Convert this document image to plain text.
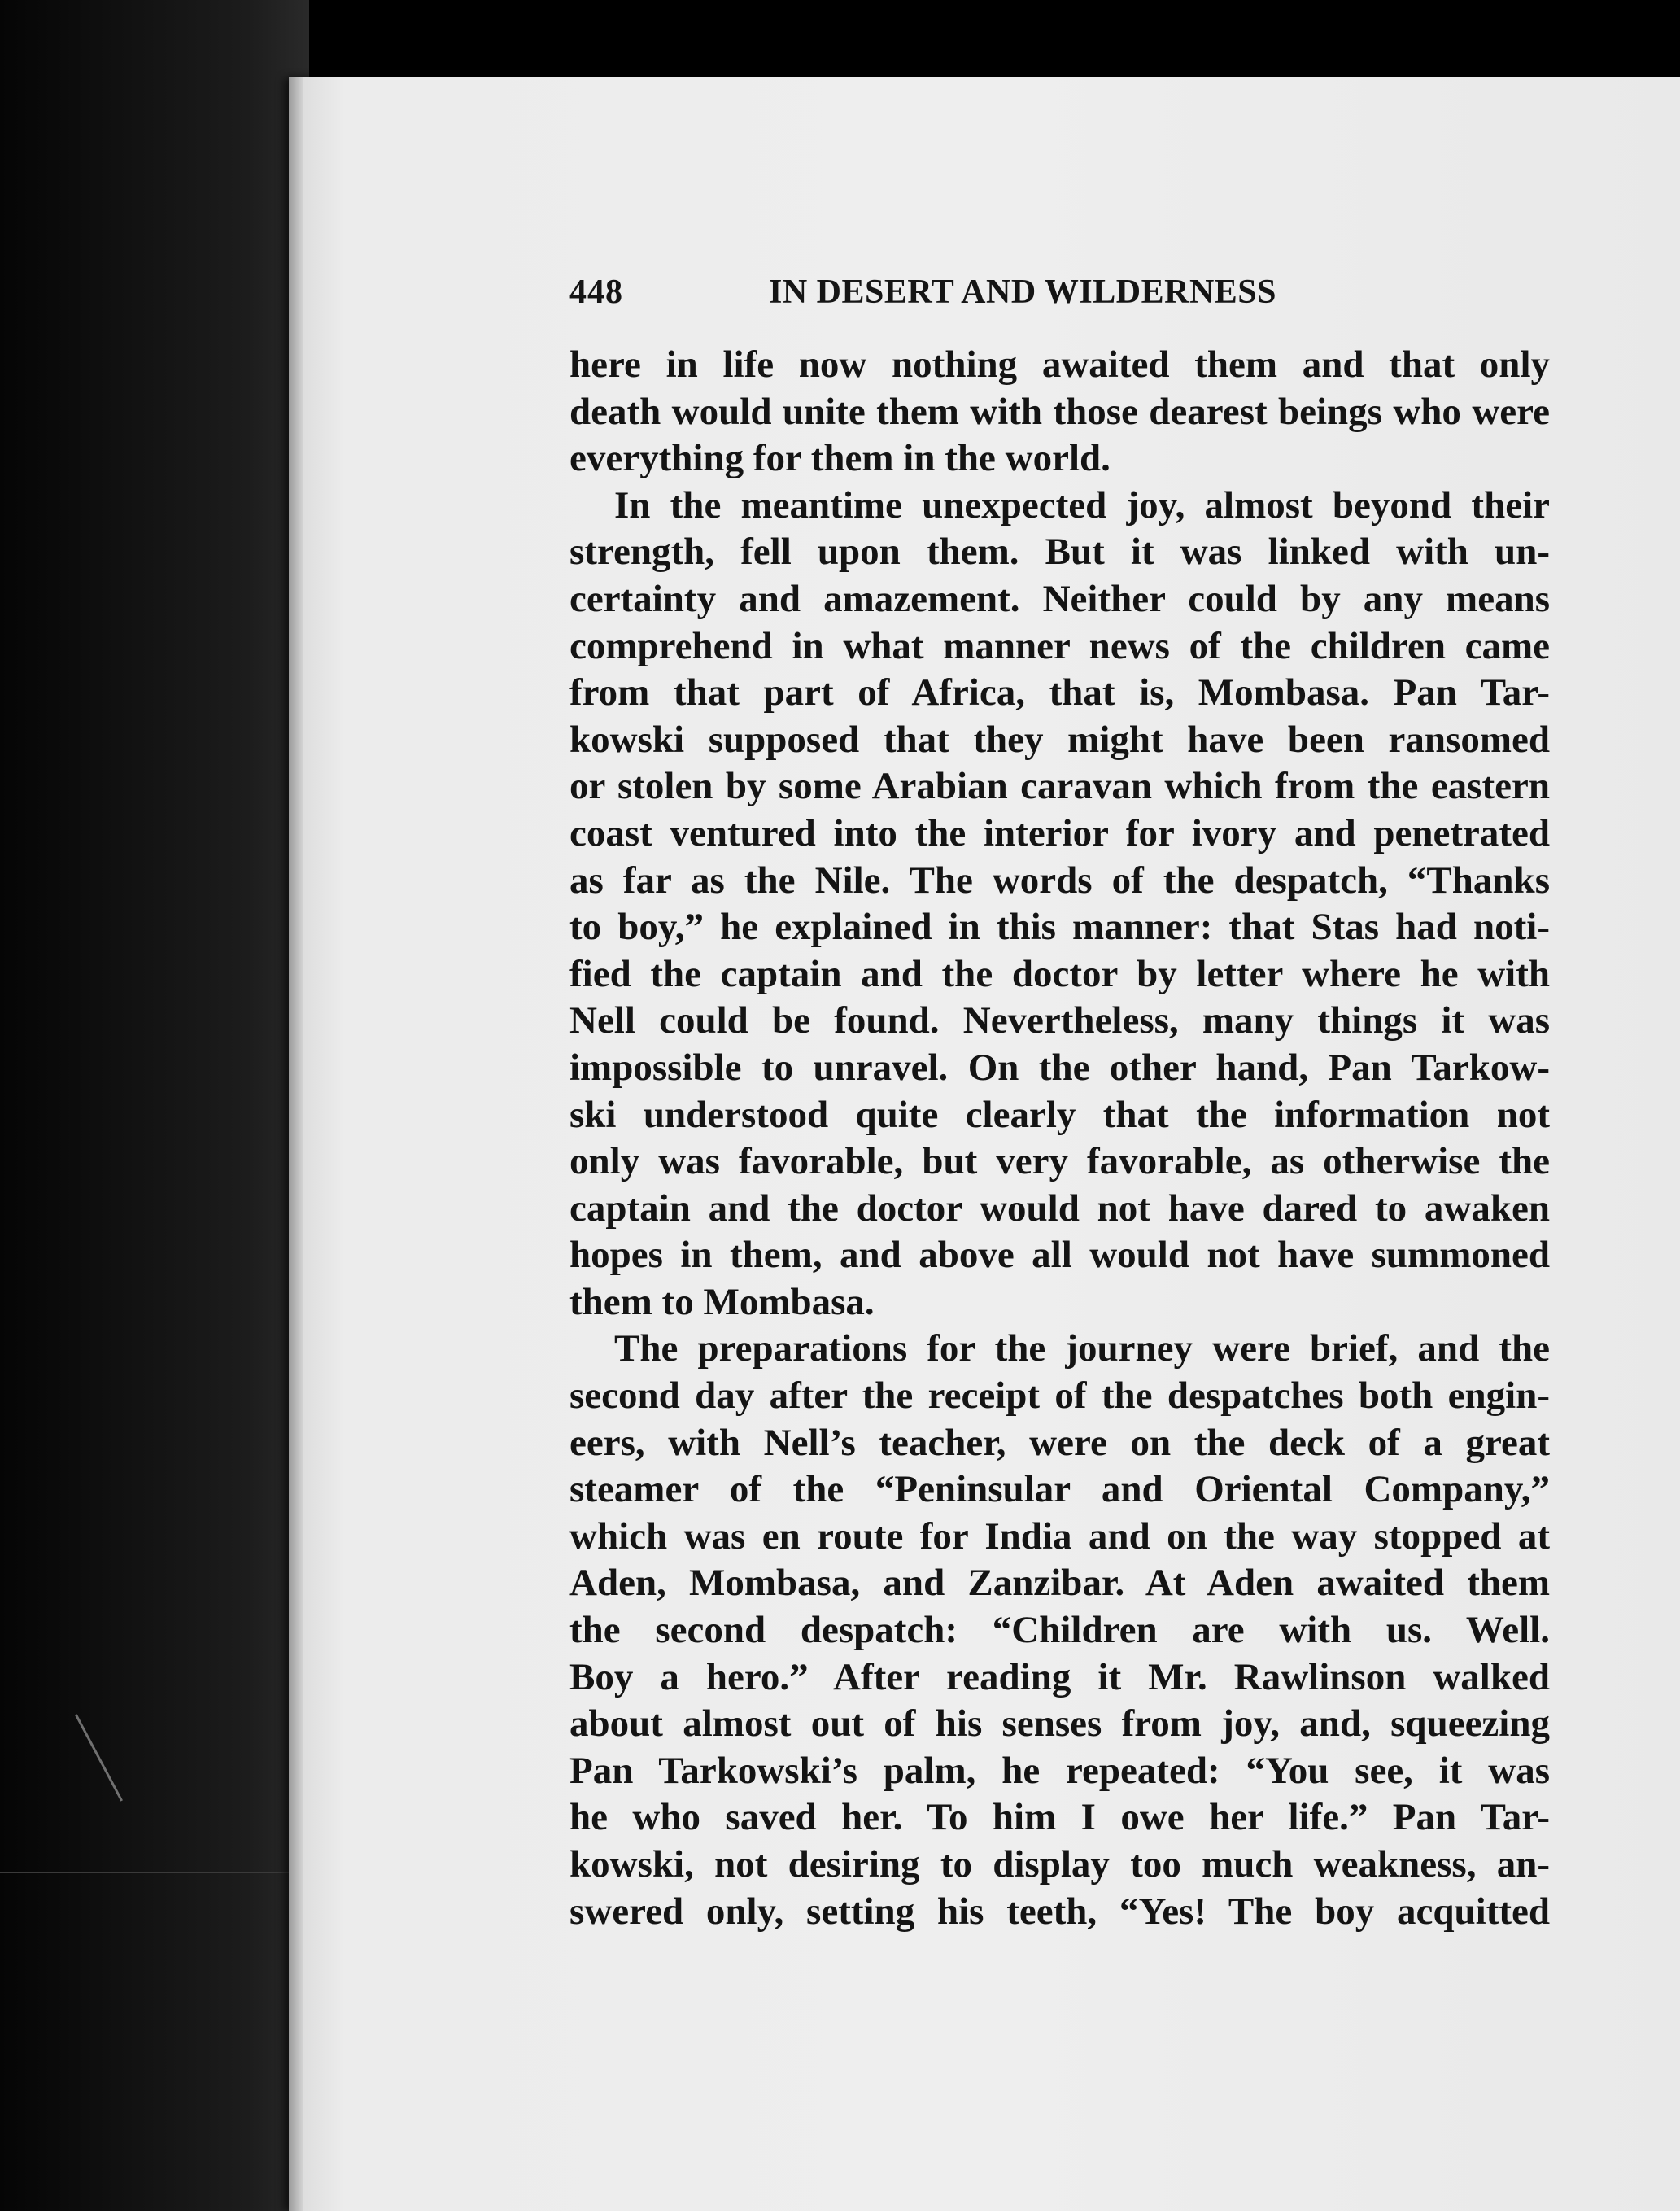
448	IN DESERT AND WILDERNESS
here in life now nothing awaited them and that only
death would unite them with those dearest beings who were
everything for them in the world.
In the meantime unexpected joy, almost beyond their
strength, fell upon them. But it was linked with un-
certainty and amazement. Neither could by any means
comprehend in what manner news of the children came
from that part of Africa, that is, Mombasa. Pan Tar-
kowski supposed that they might have been ransomed
or stolen by some Arabian caravan which from the eastern
coast ventured into the interior for ivory and penetrated
as far as the Nile. The words of the despatch, “Thanks
to boy,” he explained in this manner: that Stas had noti-
fied the captain and the doctor by letter where he with
Nell could be found. Nevertheless, many things it was
impossible to unravel. On the other hand, Pan Tarkow-
ski understood quite clearly that the information not
only was favorable, but very favorable, as otherwise the
captain and the doctor would not have dared to awaken
hopes in them, and above all would not have summoned
them to Mombasa.
The preparations for the journey were brief, and the
second day after the receipt of the despatches both engin-
eers, with Nell’s teacher, were on the deck of a great
steamer of the “Peninsular and Oriental Company,”
which was en route for India and on the way stopped at
Aden, Mombasa, and Zanzibar. At Aden awaited them
the second despatch: “Children are with us. Well.
Boy a hero.” After reading it Mr. Rawlinson walked
about almost out of his senses from joy, and, squeezing
Pan Tarkowski’s palm, he repeated: “You see, it was
he who saved her. To him I owe her life.” Pan Tar-
kowski, not desiring to display too much weakness, an-
swered only, setting his teeth, “Yes! The boy acquitted
